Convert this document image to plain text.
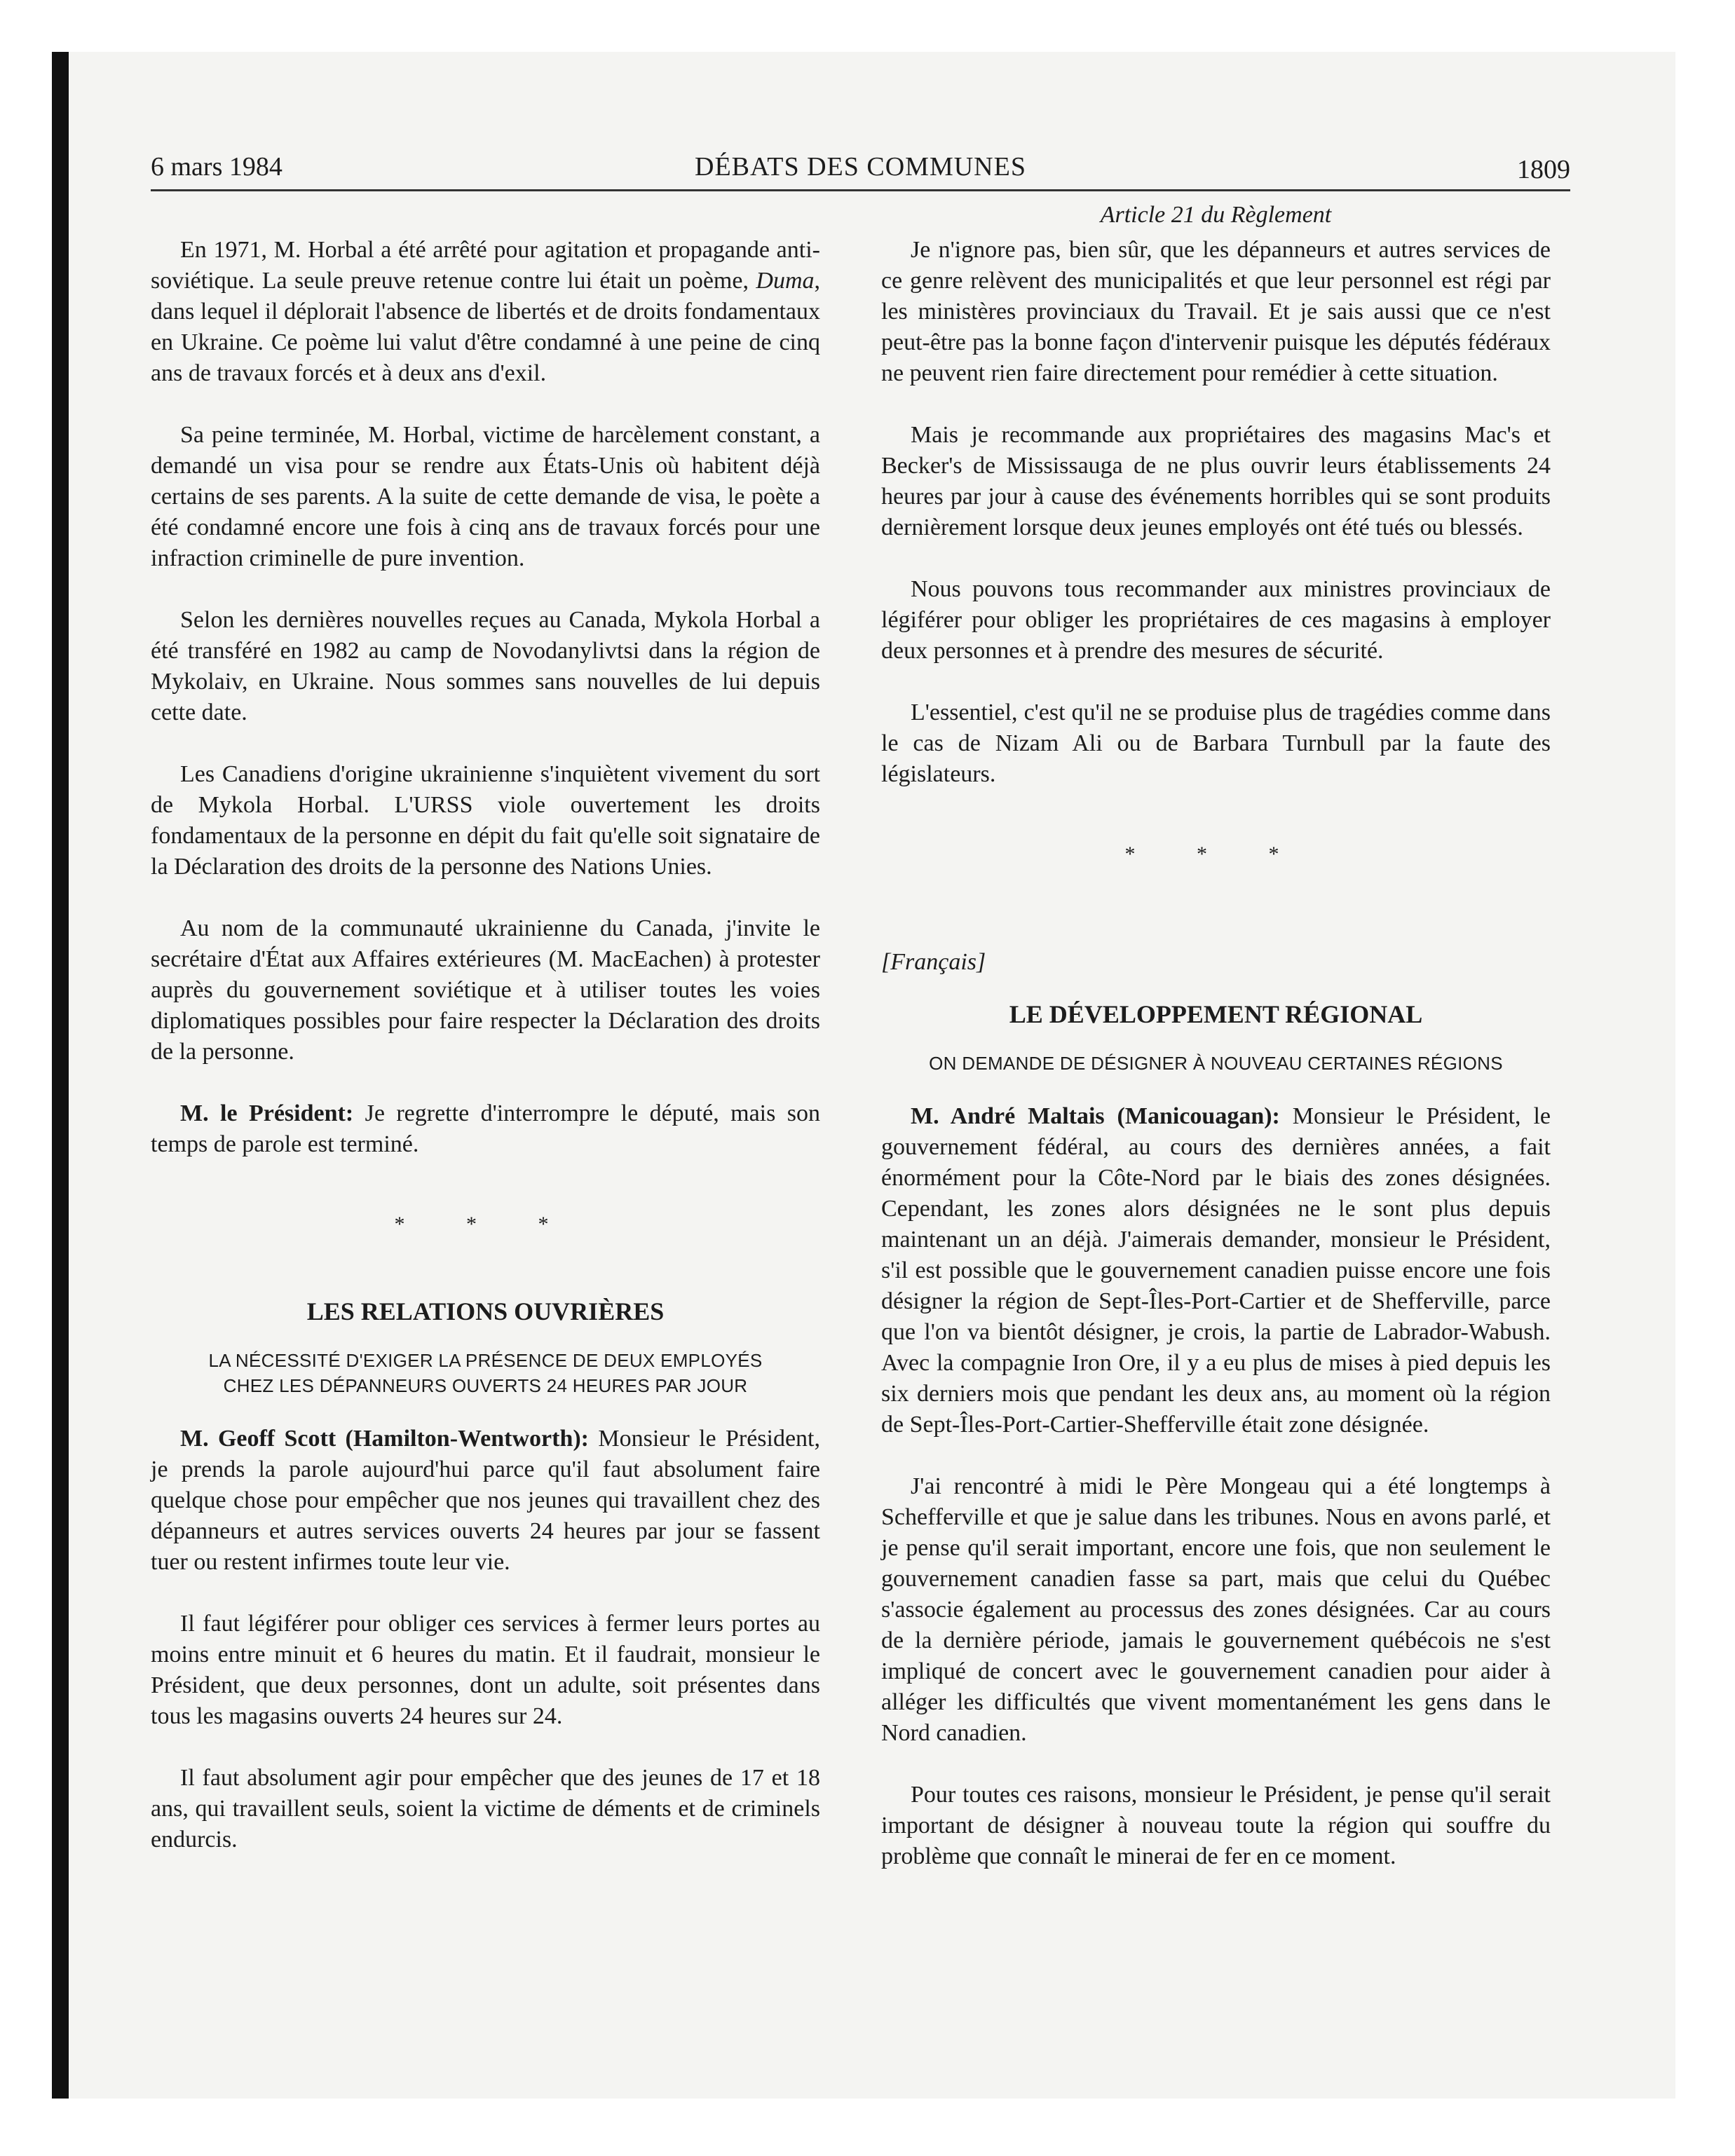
6 mars 1984	DÉBATS DES COMMUNES	1809

En 1971, M. Horbal a été arrêté pour agitation et propagande anti-soviétique. La seule preuve retenue contre lui était un poème, Duma, dans lequel il déplorait l'absence de libertés et de droits fondamentaux en Ukraine. Ce poème lui valut d'être condamné à une peine de cinq ans de travaux forcés et à deux ans d'exil.

Sa peine terminée, M. Horbal, victime de harcèlement constant, a demandé un visa pour se rendre aux États-Unis où habitent déjà certains de ses parents. A la suite de cette demande de visa, le poète a été condamné encore une fois à cinq ans de travaux forcés pour une infraction criminelle de pure invention.

Selon les dernières nouvelles reçues au Canada, Mykola Horbal a été transféré en 1982 au camp de Novodanylivtsi dans la région de Mykolaiv, en Ukraine. Nous sommes sans nouvelles de lui depuis cette date.

Les Canadiens d'origine ukrainienne s'inquiètent vivement du sort de Mykola Horbal. L'URSS viole ouvertement les droits fondamentaux de la personne en dépit du fait qu'elle soit signataire de la Déclaration des droits de la personne des Nations Unies.

Au nom de la communauté ukrainienne du Canada, j'invite le secrétaire d'État aux Affaires extérieures (M. MacEachen) à protester auprès du gouvernement soviétique et à utiliser toutes les voies diplomatiques possibles pour faire respecter la Déclaration des droits de la personne.

M. le Président: Je regrette d'interrompre le député, mais son temps de parole est terminé.

* * *
LES RELATIONS OUVRIÈRES
LA NÉCESSITÉ D'EXIGER LA PRÉSENCE DE DEUX EMPLOYÉS
CHEZ LES DÉPANNEURS OUVERTS 24 HEURES PAR JOUR

M. Geoff Scott (Hamilton-Wentworth): Monsieur le Président, je prends la parole aujourd'hui parce qu'il faut absolument faire quelque chose pour empêcher que nos jeunes qui travaillent chez des dépanneurs et autres services ouverts 24 heures par jour se fassent tuer ou restent infirmes toute leur vie.

Il faut légiférer pour obliger ces services à fermer leurs portes au moins entre minuit et 6 heures du matin. Et il faudrait, monsieur le Président, que deux personnes, dont un adulte, soit présentes dans tous les magasins ouverts 24 heures sur 24.

Il faut absolument agir pour empêcher que des jeunes de 17 et 18 ans, qui travaillent seuls, soient la victime de déments et de criminels endurcis.

Article 21 du Règlement

Je n'ignore pas, bien sûr, que les dépanneurs et autres services de ce genre relèvent des municipalités et que leur personnel est régi par les ministères provinciaux du Travail. Et je sais aussi que ce n'est peut-être pas la bonne façon d'intervenir puisque les députés fédéraux ne peuvent rien faire directement pour remédier à cette situation.

Mais je recommande aux propriétaires des magasins Mac's et Becker's de Mississauga de ne plus ouvrir leurs établissements 24 heures par jour à cause des événements horribles qui se sont produits dernièrement lorsque deux jeunes employés ont été tués ou blessés.

Nous pouvons tous recommander aux ministres provinciaux de légiférer pour obliger les propriétaires de ces magasins à employer deux personnes et à prendre des mesures de sécurité.

L'essentiel, c'est qu'il ne se produise plus de tragédies comme dans le cas de Nizam Ali ou de Barbara Turnbull par la faute des législateurs.

* * *
[Français]
LE DÉVELOPPEMENT RÉGIONAL
ON DEMANDE DE DÉSIGNER À NOUVEAU CERTAINES RÉGIONS

M. André Maltais (Manicouagan): Monsieur le Président, le gouvernement fédéral, au cours des dernières années, a fait énormément pour la Côte-Nord par le biais des zones désignées. Cependant, les zones alors désignées ne le sont plus depuis maintenant un an déjà. J'aimerais demander, monsieur le Président, s'il est possible que le gouvernement canadien puisse encore une fois désigner la région de Sept-Îles-Port-Cartier et de Shefferville, parce que l'on va bientôt désigner, je crois, la partie de Labrador-Wabush. Avec la compagnie Iron Ore, il y a eu plus de mises à pied depuis les six derniers mois que pendant les deux ans, au moment où la région de Sept-Îles-Port-Cartier-Shefferville était zone désignée.

J'ai rencontré à midi le Père Mongeau qui a été longtemps à Schefferville et que je salue dans les tribunes. Nous en avons parlé, et je pense qu'il serait important, encore une fois, que non seulement le gouvernement canadien fasse sa part, mais que celui du Québec s'associe également au processus des zones désignées. Car au cours de la dernière période, jamais le gouvernement québécois ne s'est impliqué de concert avec le gouvernement canadien pour aider à alléger les difficultés que vivent momentanément les gens dans le Nord canadien.

Pour toutes ces raisons, monsieur le Président, je pense qu'il serait important de désigner à nouveau toute la région qui souffre du problème que connaît le minerai de fer en ce moment.
